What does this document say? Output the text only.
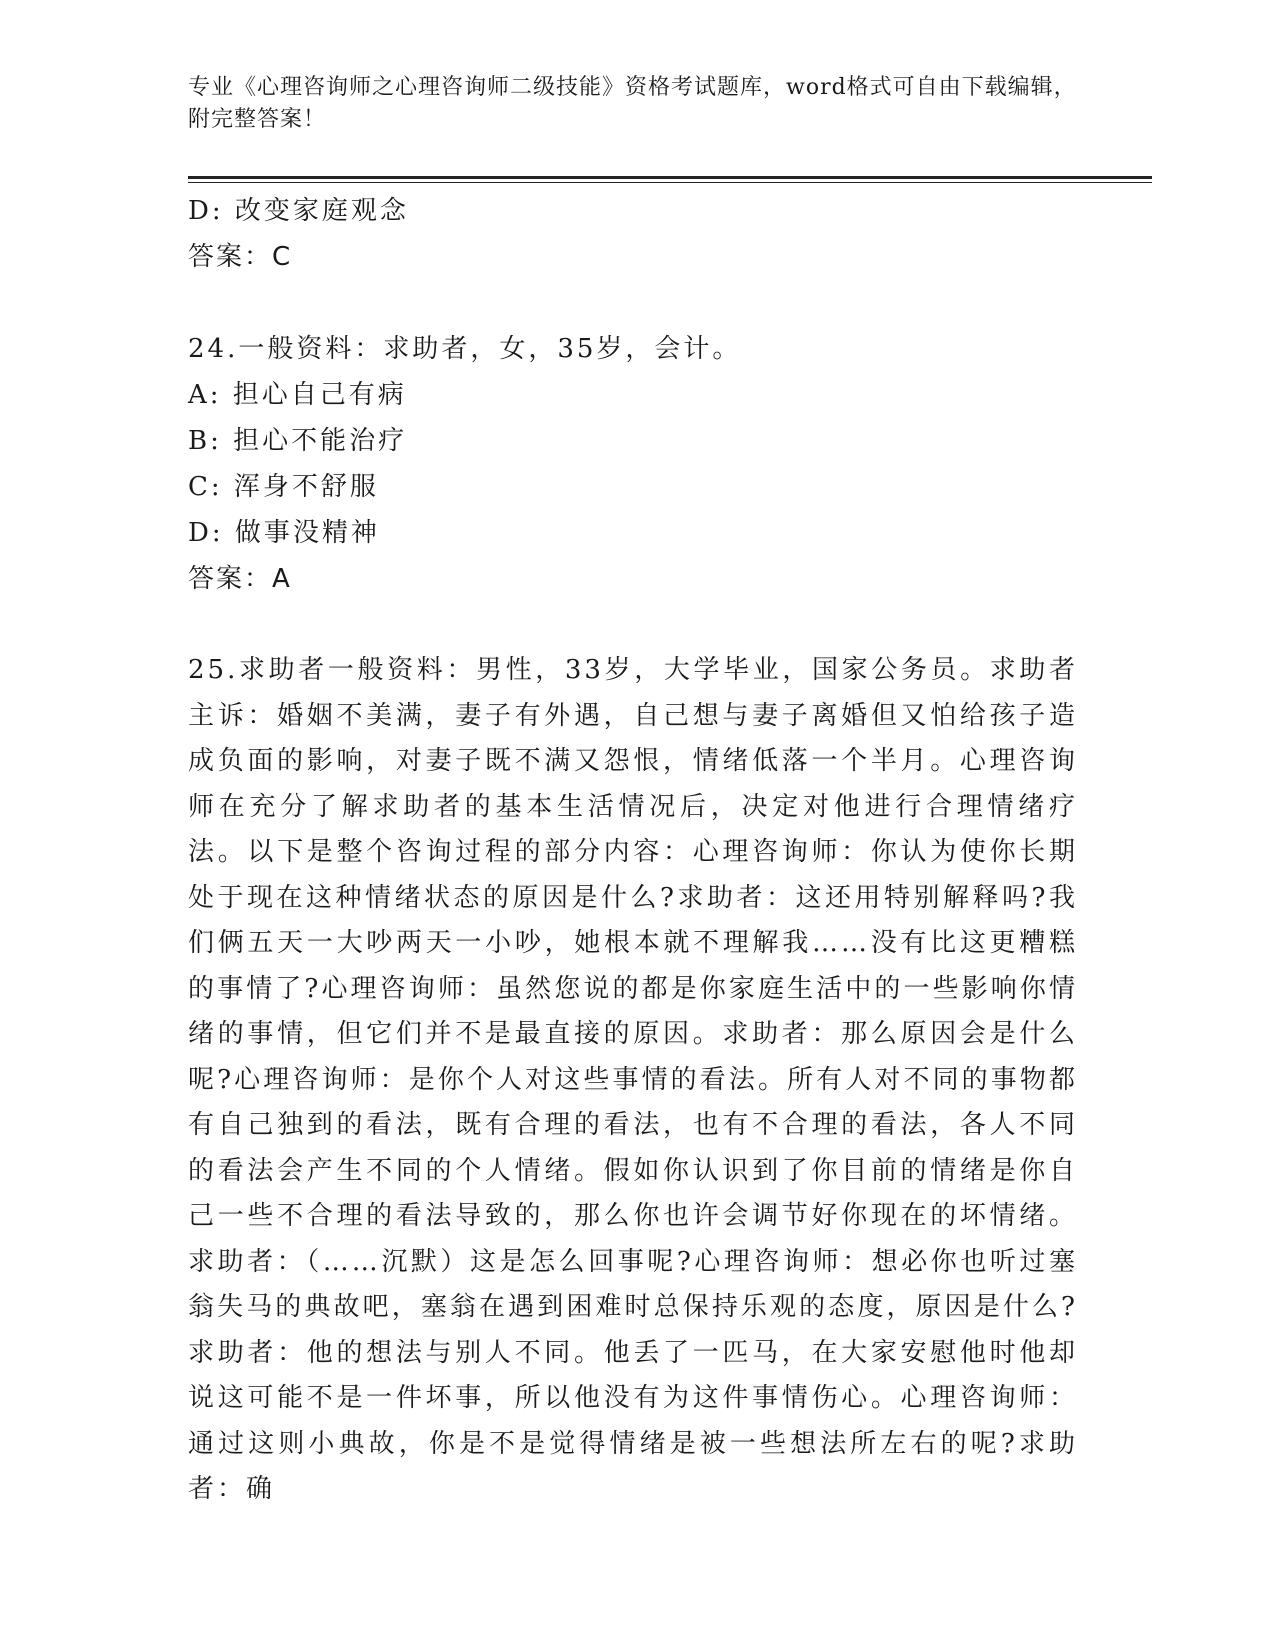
专业《心理咨询师之心理咨询师二级技能》资格考试题库，word格式可自由下载编辑，附完整答案！
D: 改变家庭观念
答案：C
24.一般资料：求助者，女，35岁，会计。
A: 担心自己有病
B: 担心不能治疗
C: 浑身不舒服
D: 做事没精神
答案：A
25.求助者一般资料：男性，33岁，大学毕业，国家公务员。求助者主诉：婚姻不美满，妻子有外遇，自己想与妻子离婚但又怕给孩子造成负面的影响，对妻子既不满又怨恨，情绪低落一个半月。心理咨询师在充分了解求助者的基本生活情况后，决定对他进行合理情绪疗法。以下是整个咨询过程的部分内容：心理咨询师：你认为使你长期处于现在这种情绪状态的原因是什么?求助者：这还用特别解释吗?我们俩五天一大吵两天一小吵，她根本就不理解我……没有比这更糟糕的事情了?心理咨询师：虽然您说的都是你家庭生活中的一些影响你情绪的事情，但它们并不是最直接的原因。求助者：那么原因会是什么呢?心理咨询师：是你个人对这些事情的看法。所有人对不同的事物都有自己独到的看法，既有合理的看法，也有不合理的看法，各人不同的看法会产生不同的个人情绪。假如你认识到了你目前的情绪是你自己一些不合理的看法导致的，那么你也许会调节好你现在的坏情绪。求助者：（……沉默）这是怎么回事呢?心理咨询师：想必你也听过塞翁失马的典故吧，塞翁在遇到困难时总保持乐观的态度，原因是什么?求助者：他的想法与别人不同。他丢了一匹马，在大家安慰他时他却说这可能不是一件坏事，所以他没有为这件事情伤心。心理咨询师：通过这则小典故，你是不是觉得情绪是被一些想法所左右的呢?求助者：确
